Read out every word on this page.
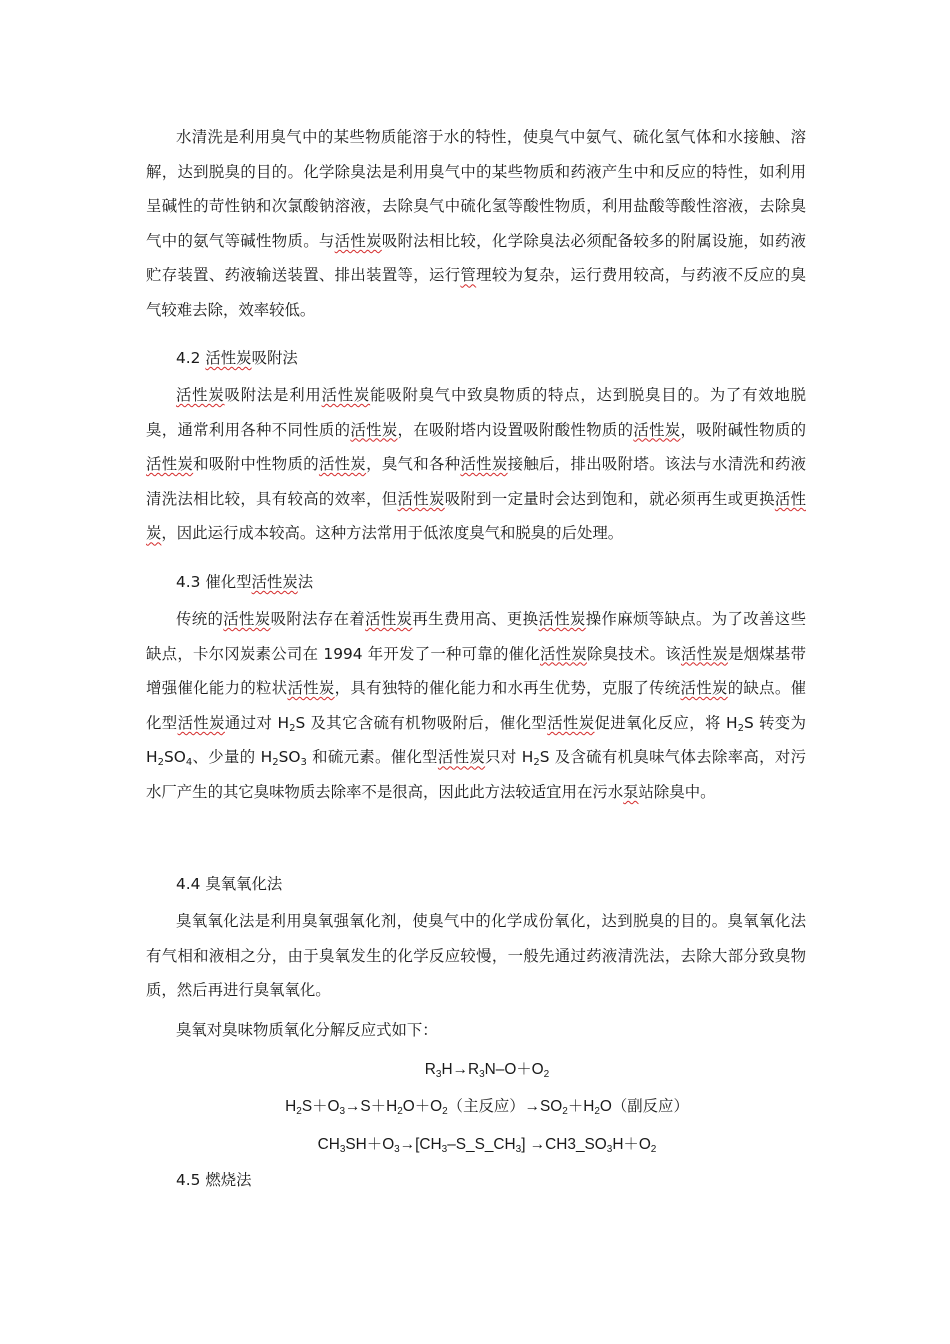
水清洗是利用臭气中的某些物质能溶于水的特性，使臭气中氨气、硫化氢气体和水接触、溶解，达到脱臭的目的。化学除臭法是利用臭气中的某些物质和药液产生中和反应的特性，如利用呈碱性的苛性钠和次氯酸钠溶液，去除臭气中硫化氢等酸性物质，利用盐酸等酸性溶液，去除臭气中的氨气等碱性物质。与活性炭吸附法相比较，化学除臭法必须配备较多的附属设施，如药液贮存装置、药液输送装置、排出装置等，运行管理较为复杂，运行费用较高，与药液不反应的臭气较难去除，效率较低。

4.2 活性炭吸附法

活性炭吸附法是利用活性炭能吸附臭气中致臭物质的特点，达到脱臭目的。为了有效地脱臭，通常利用各种不同性质的活性炭，在吸附塔内设置吸附酸性物质的活性炭，吸附碱性物质的活性炭和吸附中性物质的活性炭，臭气和各种活性炭接触后，排出吸附塔。该法与水清洗和药液清洗法相比较，具有较高的效率，但活性炭吸附到一定量时会达到饱和，就必须再生或更换活性炭，因此运行成本较高。这种方法常用于低浓度臭气和脱臭的后处理。

4.3 催化型活性炭法

传统的活性炭吸附法存在着活性炭再生费用高、更换活性炭操作麻烦等缺点。为了改善这些缺点，卡尔冈炭素公司在 1994 年开发了一种可靠的催化活性炭除臭技术。该活性炭是烟煤基带增强催化能力的粒状活性炭，具有独特的催化能力和水再生优势，克服了传统活性炭的缺点。催化型活性炭通过对 $H_2S$ 及其它含硫有机物吸附后，催化型活性炭促进氧化反应，将 $H_2S$ 转变为 $H_2SO_4$、少量的 $H_2SO_3$ 和硫元素。催化型活性炭只对 $H_2S$ 及含硫有机臭味气体去除率高，对污水厂产生的其它臭味物质去除率不是很高，因此此方法较适宜用在污水泵站除臭中。

4.4 臭氧氧化法

臭氧氧化法是利用臭氧强氧化剂，使臭气中的化学成份氧化，达到脱臭的目的。臭氧氧化法有气相和液相之分，由于臭氧发生的化学反应较慢，一般先通过药液清洗法，去除大部分致臭物质，然后再进行臭氧氧化。

臭氧对臭味物质氧化分解反应式如下：

$R_3H\to R_3N-O+O_2$

$H_2S+O_3\to S+H_2O+O_2$（主反应）$\to SO_2+H_2O$（副反应）

$CH_3SH+O_3\to[CH_3-S\_S\_CH_3]$ $\to CH3\_SO_3H+O_2$

4.5 燃烧法
